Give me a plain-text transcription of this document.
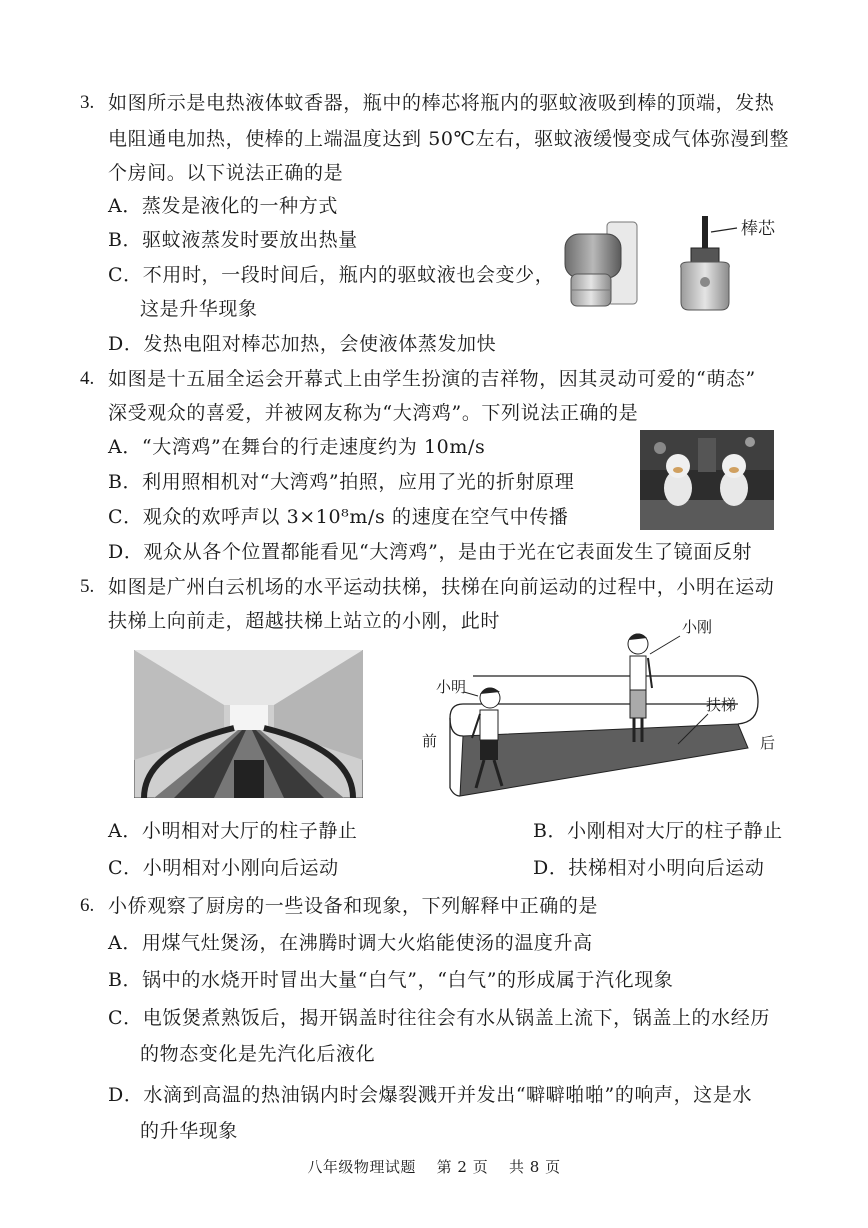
3. 如图所示是电热液体蚊香器，瓶中的棒芯将瓶内的驱蚊液吸到棒的顶端，发热
电阻通电加热，使棒的上端温度达到 50℃左右，驱蚊液缓慢变成气体弥漫到整
个房间。以下说法正确的是
A．蒸发是液化的一种方式
B．驱蚊液蒸发时要放出热量
C．不用时，一段时间后，瓶内的驱蚊液也会变少，
这是升华现象
D．发热电阻对棒芯加热，会使液体蒸发加快
棒芯
4. 如图是十五届全运会开幕式上由学生扮演的吉祥物，因其灵动可爱的“萌态”
深受观众的喜爱，并被网友称为“大湾鸡”。下列说法正确的是
A．“大湾鸡”在舞台的行走速度约为 10m/s
B．利用照相机对“大湾鸡”拍照，应用了光的折射原理
C．观众的欢呼声以 3×10⁸m/s 的速度在空气中传播
D．观众从各个位置都能看见“大湾鸡”，是由于光在它表面发生了镜面反射
5. 如图是广州白云机场的水平运动扶梯，扶梯在向前运动的过程中，小明在运动
扶梯上向前走，超越扶梯上站立的小刚，此时	小刚
小明
扶梯
前	后
A．小明相对大厅的柱子静止	B．小刚相对大厅的柱子静止
C．小明相对小刚向后运动	D．扶梯相对小明向后运动
6. 小侨观察了厨房的一些设备和现象，下列解释中正确的是
A．用煤气灶煲汤，在沸腾时调大火焰能使汤的温度升高
B．锅中的水烧开时冒出大量“白气”，“白气”的形成属于汽化现象
C．电饭煲煮熟饭后，揭开锅盖时往往会有水从锅盖上流下，锅盖上的水经历
的物态变化是先汽化后液化
D．水滴到高温的热油锅内时会爆裂溅开并发出“噼噼啪啪”的响声，这是水
的升华现象
八年级物理试题　 第 2 页　 共 8 页
